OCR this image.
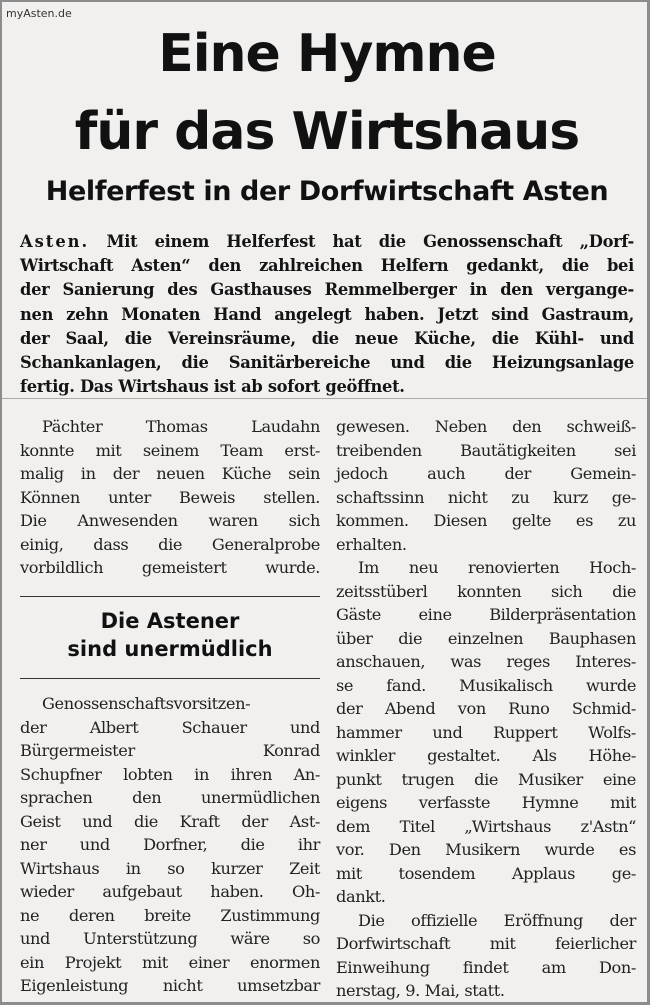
myAsten.de
Eine Hymne
für das Wirtshaus
Helferfest in der Dorfwirtschaft Asten
Asten. Mit einem Helferfest hat die Genossenschaft „Dorf-
Wirtschaft Asten“ den zahlreichen Helfern gedankt, die bei
der Sanierung des Gasthauses Remmelberger in den vergange-
nen zehn Monaten Hand angelegt haben. Jetzt sind Gastraum,
der Saal, die Vereinsräume, die neue Küche, die Kühl- und
Schankanlagen, die Sanitärbereiche und die Heizungsanlage
fertig. Das Wirtshaus ist ab sofort geöffnet.
Pächter Thomas Laudahn
konnte mit seinem Team erst-
malig in der neuen Küche sein
Können unter Beweis stellen.
Die Anwesenden waren sich
einig, dass die Generalprobe
vorbildlich gemeistert wurde.
Die Astener
sind unermüdlich
Genossenschaftsvorsitzen-
der Albert Schauer und
Bürgermeister Konrad
Schupfner lobten in ihren An-
sprachen den unermüdlichen
Geist und die Kraft der Ast-
ner und Dorfner, die ihr
Wirtshaus in so kurzer Zeit
wieder aufgebaut haben. Oh-
ne deren breite Zustimmung
und Unterstützung wäre so
ein Projekt mit einer enormen
Eigenleistung nicht umsetzbar
gewesen. Neben den schweiß-
treibenden Bautätigkeiten sei
jedoch auch der Gemein-
schaftssinn nicht zu kurz ge-
kommen. Diesen gelte es zu
erhalten.
Im neu renovierten Hoch-
zeitsstüberl konnten sich die
Gäste eine Bilderpräsentation
über die einzelnen Bauphasen
anschauen, was reges Interes-
se fand. Musikalisch wurde
der Abend von Runo Schmid-
hammer und Ruppert Wolfs-
winkler gestaltet. Als Höhe-
punkt trugen die Musiker eine
eigens verfasste Hymne mit
dem Titel „Wirtshaus z'Astn“
vor. Den Musikern wurde es
mit tosendem Applaus ge-
dankt.
Die offizielle Eröffnung der
Dorfwirtschaft mit feierlicher
Einweihung findet am Don-
nerstag, 9. Mai, statt.
